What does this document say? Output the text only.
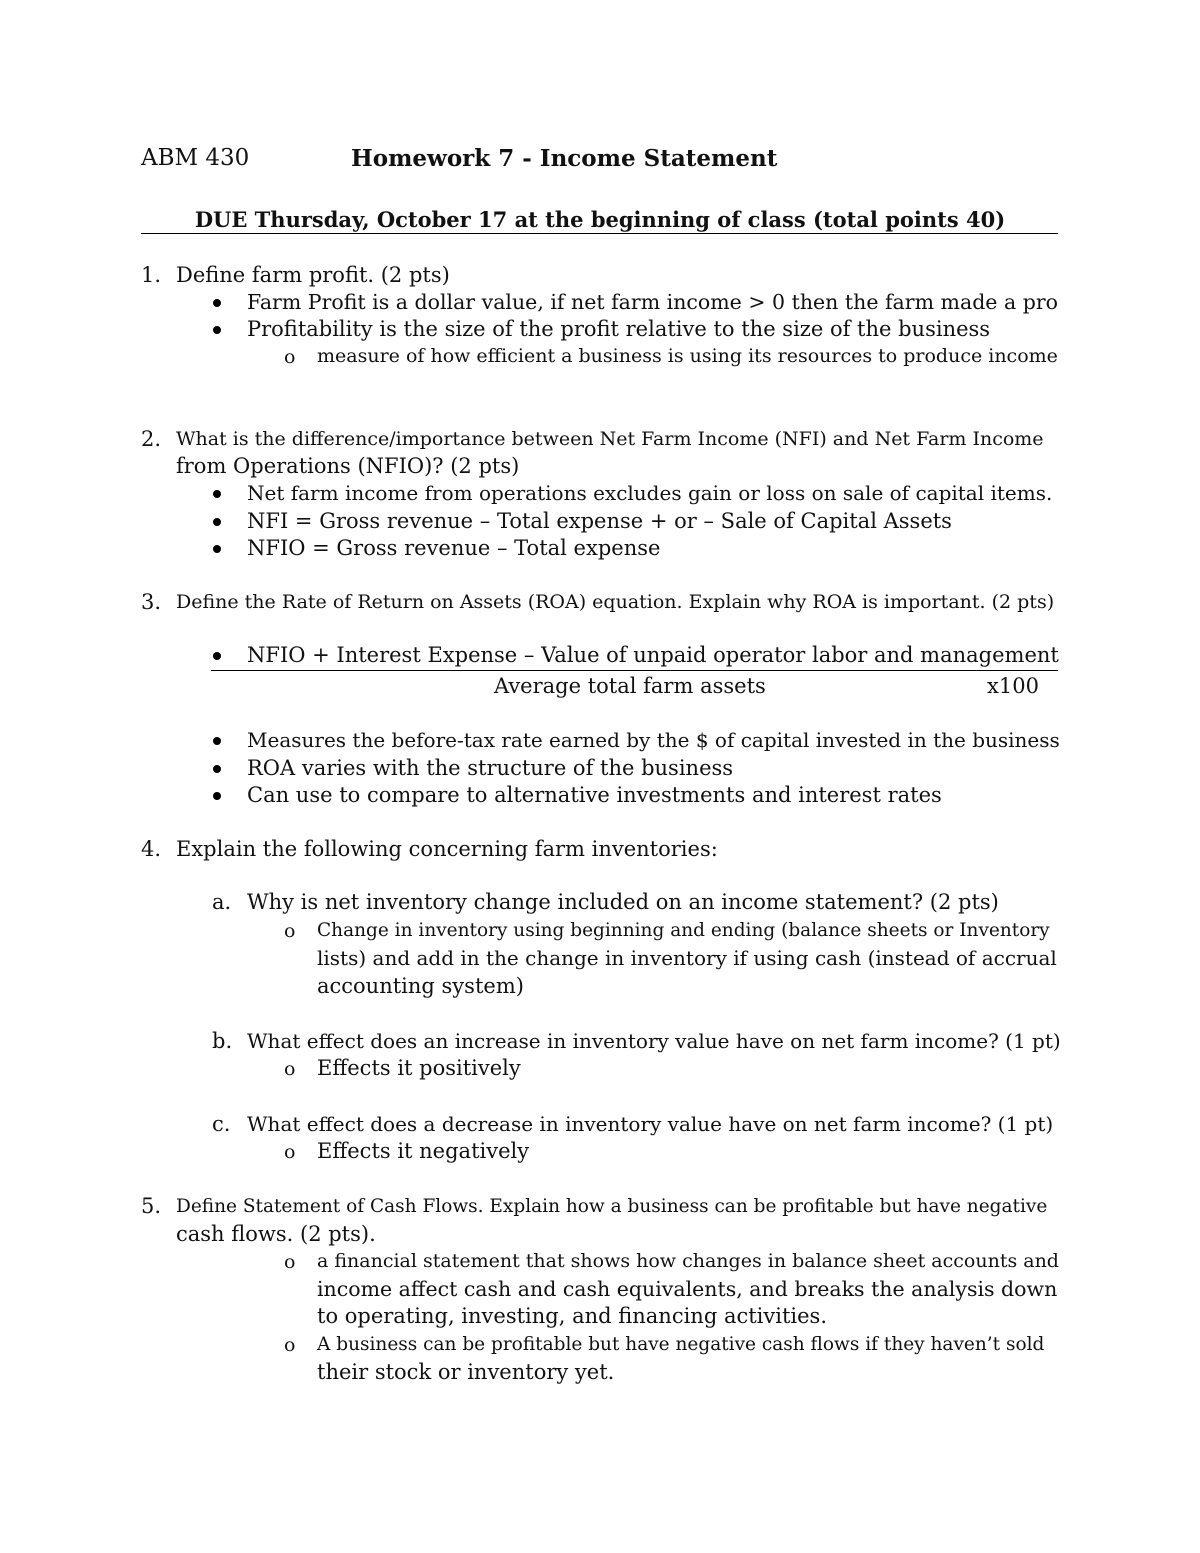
ABM 430	Homework 7 - Income Statement
DUE Thursday, October 17 at the beginning of class (total points 40)
1. Define farm profit. (2 pts)
Farm Profit is a dollar value, if net farm income > 0 then the farm made a pro
Profitability is the size of the profit relative to the size of the business
o measure of how efficient a business is using its resources to produce income
2. What is the difference/importance between Net Farm Income (NFI) and Net Farm Income
from Operations (NFIO)? (2 pts)
Net farm income from operations excludes gain or loss on sale of capital items.
NFI = Gross revenue – Total expense + or – Sale of Capital Assets
NFIO = Gross revenue – Total expense
3. Define the Rate of Return on Assets (ROA) equation. Explain why ROA is important. (2 pts)
NFIO + Interest Expense – Value of unpaid operator labor and management
Average total farm assets	x100
Measures the before-tax rate earned by the $ of capital invested in the business
ROA varies with the structure of the business
Can use to compare to alternative investments and interest rates
4. Explain the following concerning farm inventories:
a. Why is net inventory change included on an income statement? (2 pts)
o Change in inventory using beginning and ending (balance sheets or Inventory
lists) and add in the change in inventory if using cash (instead of accrual
accounting system)
b. What effect does an increase in inventory value have on net farm income? (1 pt)
o Effects it positively
c. What effect does a decrease in inventory value have on net farm income? (1 pt)
o Effects it negatively
5. Define Statement of Cash Flows. Explain how a business can be profitable but have negative
cash flows. (2 pts).
o a financial statement that shows how changes in balance sheet accounts and
income affect cash and cash equivalents, and breaks the analysis down
to operating, investing, and financing activities.
o A business can be profitable but have negative cash flows if they haven’t sold
their stock or inventory yet.
